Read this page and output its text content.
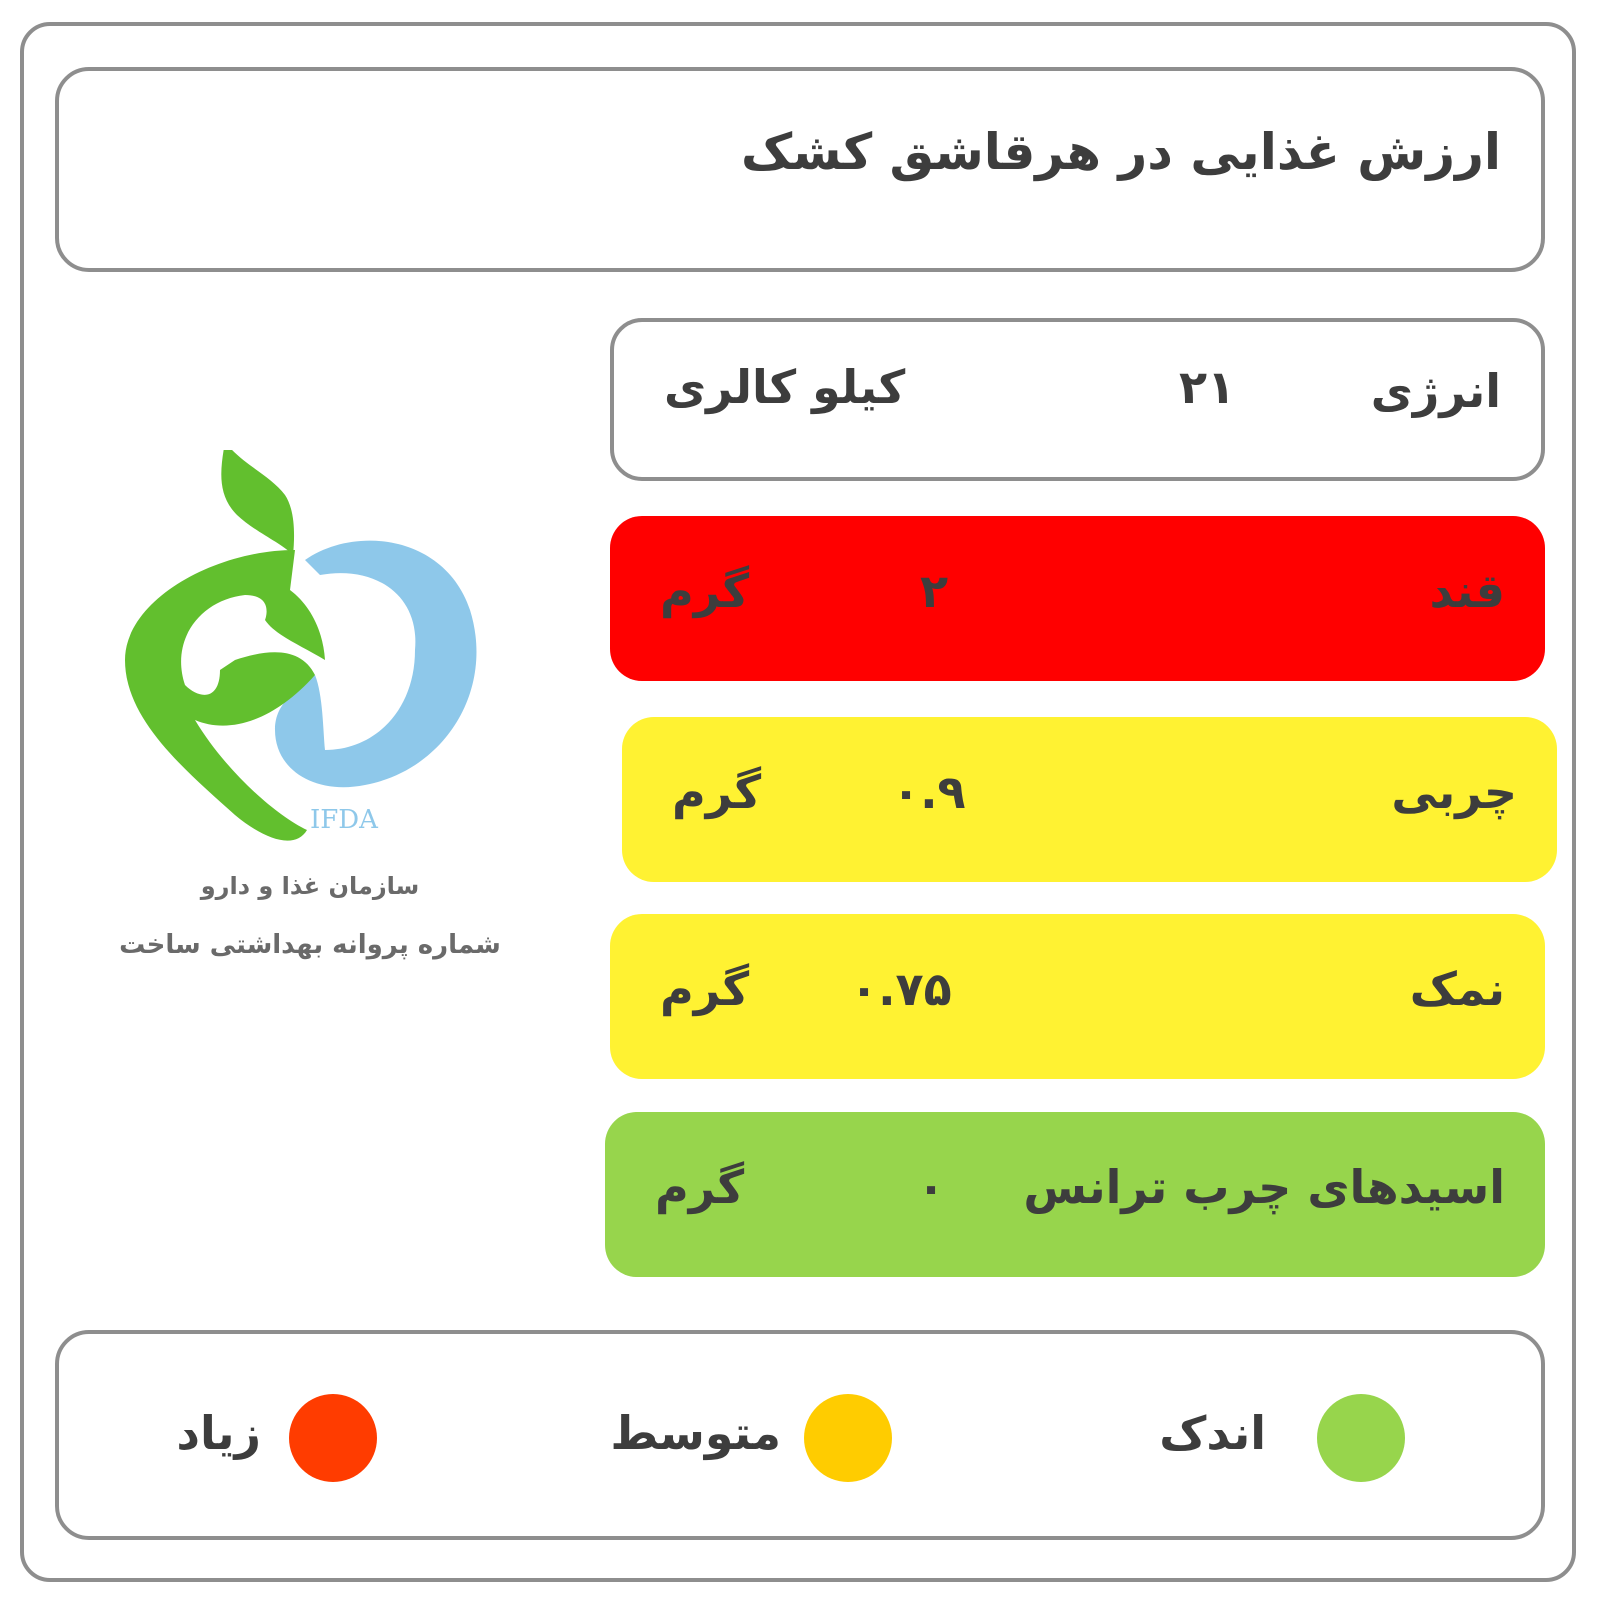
ارزش غذایی در هرقاشق کشک
IFDA
سازمان غذا و دارو
شماره پروانه بهداشتی ساخت
انرژی
۲۱
کیلو کالری
قند
۲
گرم
چربی
۰.۹
گرم
نمک
۰.۷۵
گرم
اسیدهای چرب ترانس
۰
گرم
اندک
متوسط
زیاد
